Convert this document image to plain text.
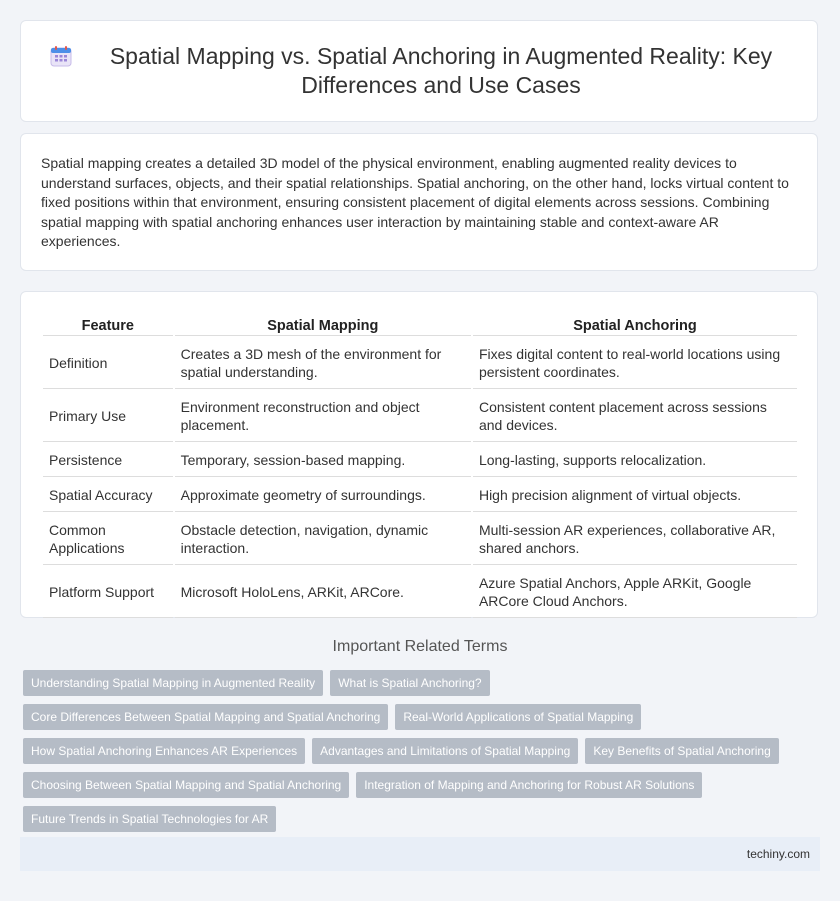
Spatial Mapping vs. Spatial Anchoring in Augmented Reality: Key Differences and Use Cases

Spatial mapping creates a detailed 3D model of the physical environment, enabling augmented reality devices to understand surfaces, objects, and their spatial relationships. Spatial anchoring, on the other hand, locks virtual content to fixed positions within that environment, ensuring consistent placement of digital elements across sessions. Combining spatial mapping with spatial anchoring enhances user interaction by maintaining stable and context-aware AR experiences.

Feature	Spatial Mapping	Spatial Anchoring
Definition	Creates a 3D mesh of the environment for spatial understanding.	Fixes digital content to real-world locations using persistent coordinates.
Primary Use	Environment reconstruction and object placement.	Consistent content placement across sessions and devices.
Persistence	Temporary, session-based mapping.	Long-lasting, supports relocalization.
Spatial Accuracy	Approximate geometry of surroundings.	High precision alignment of virtual objects.
Common Applications	Obstacle detection, navigation, dynamic interaction.	Multi-session AR experiences, collaborative AR, shared anchors.
Platform Support	Microsoft HoloLens, ARKit, ARCore.	Azure Spatial Anchors, Apple ARKit, Google ARCore Cloud Anchors.
Important Related Terms
Understanding Spatial Mapping in Augmented Reality	What is Spatial Anchoring?
Core Differences Between Spatial Mapping and Spatial Anchoring	Real-World Applications of Spatial Mapping
How Spatial Anchoring Enhances AR Experiences	Advantages and Limitations of Spatial Mapping	Key Benefits of Spatial Anchoring
Choosing Between Spatial Mapping and Spatial Anchoring	Integration of Mapping and Anchoring for Robust AR Solutions
Future Trends in Spatial Technologies for AR
techiny.com
